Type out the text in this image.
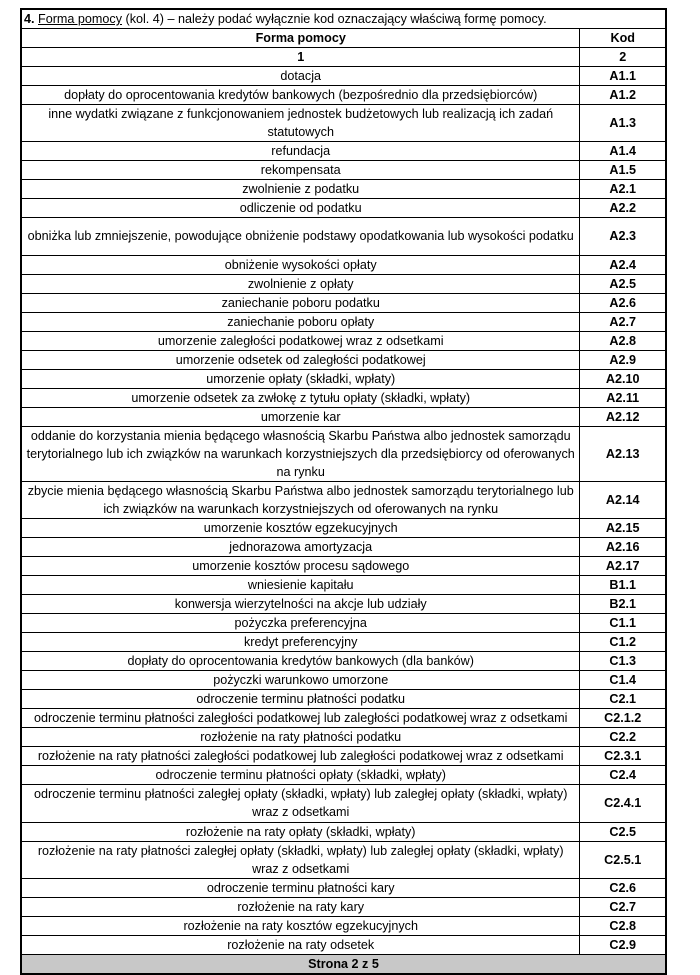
4. Forma pomocy (kol. 4) – należy podać wyłącznie kod oznaczający właściwą formę pomocy.	
Forma pomocy	Kod
1	2
dotacja	A1.1
dopłaty do oprocentowania kredytów bankowych (bezpośrednio dla przedsiębiorców)	A1.2
inne wydatki związane z funkcjonowaniem jednostek budżetowych lub realizacją ich zadań statutowych	A1.3
refundacja	A1.4
rekompensata	A1.5
zwolnienie z podatku	A2.1
odliczenie od podatku	A2.2
obniżka lub zmniejszenie, powodujące obniżenie podstawy opodatkowania lub wysokości podatku	A2.3
obniżenie wysokości opłaty	A2.4
zwolnienie z opłaty	A2.5
zaniechanie poboru podatku	A2.6
zaniechanie poboru opłaty	A2.7
umorzenie zaległości podatkowej wraz z odsetkami	A2.8
umorzenie odsetek od zaległości podatkowej	A2.9
umorzenie opłaty (składki, wpłaty)	A2.10
umorzenie odsetek za zwłokę z tytułu opłaty (składki, wpłaty)	A2.11
umorzenie kar	A2.12
oddanie do korzystania mienia będącego własnością Skarbu Państwa albo jednostek samorządu terytorialnego lub ich związków na warunkach korzystniejszych dla przedsiębiorcy od oferowanych na rynku	A2.13
zbycie mienia będącego własnością Skarbu Państwa albo jednostek samorządu terytorialnego lub ich związków na warunkach korzystniejszych od oferowanych na rynku	A2.14
umorzenie kosztów egzekucyjnych	A2.15
jednorazowa amortyzacja	A2.16
umorzenie kosztów procesu sądowego	A2.17
wniesienie kapitału	B1.1
konwersja wierzytelności na akcje lub udziały	B2.1
pożyczka preferencyjna	C1.1
kredyt preferencyjny	C1.2
dopłaty do oprocentowania kredytów bankowych (dla banków)	C1.3
pożyczki warunkowo umorzone	C1.4
odroczenie terminu płatności podatku	C2.1
odroczenie terminu płatności zaległości podatkowej lub zaległości podatkowej wraz z odsetkami	C2.1.2
rozłożenie na raty płatności podatku	C2.2
rozłożenie na raty płatności zaległości podatkowej lub zaległości podatkowej wraz z odsetkami	C2.3.1
odroczenie terminu płatności opłaty (składki, wpłaty)	C2.4
odroczenie terminu płatności zaległej opłaty (składki, wpłaty) lub zaległej opłaty (składki, wpłaty) wraz z odsetkami	C2.4.1
rozłożenie na raty opłaty (składki, wpłaty)	C2.5
rozłożenie na raty płatności zaległej opłaty (składki, wpłaty) lub zaległej opłaty (składki, wpłaty) wraz z odsetkami	C2.5.1
odroczenie terminu płatności kary	C2.6
rozłożenie na raty kary	C2.7
rozłożenie na raty kosztów egzekucyjnych	C2.8
rozłożenie na raty odsetek	C2.9
Strona 2 z 5	
